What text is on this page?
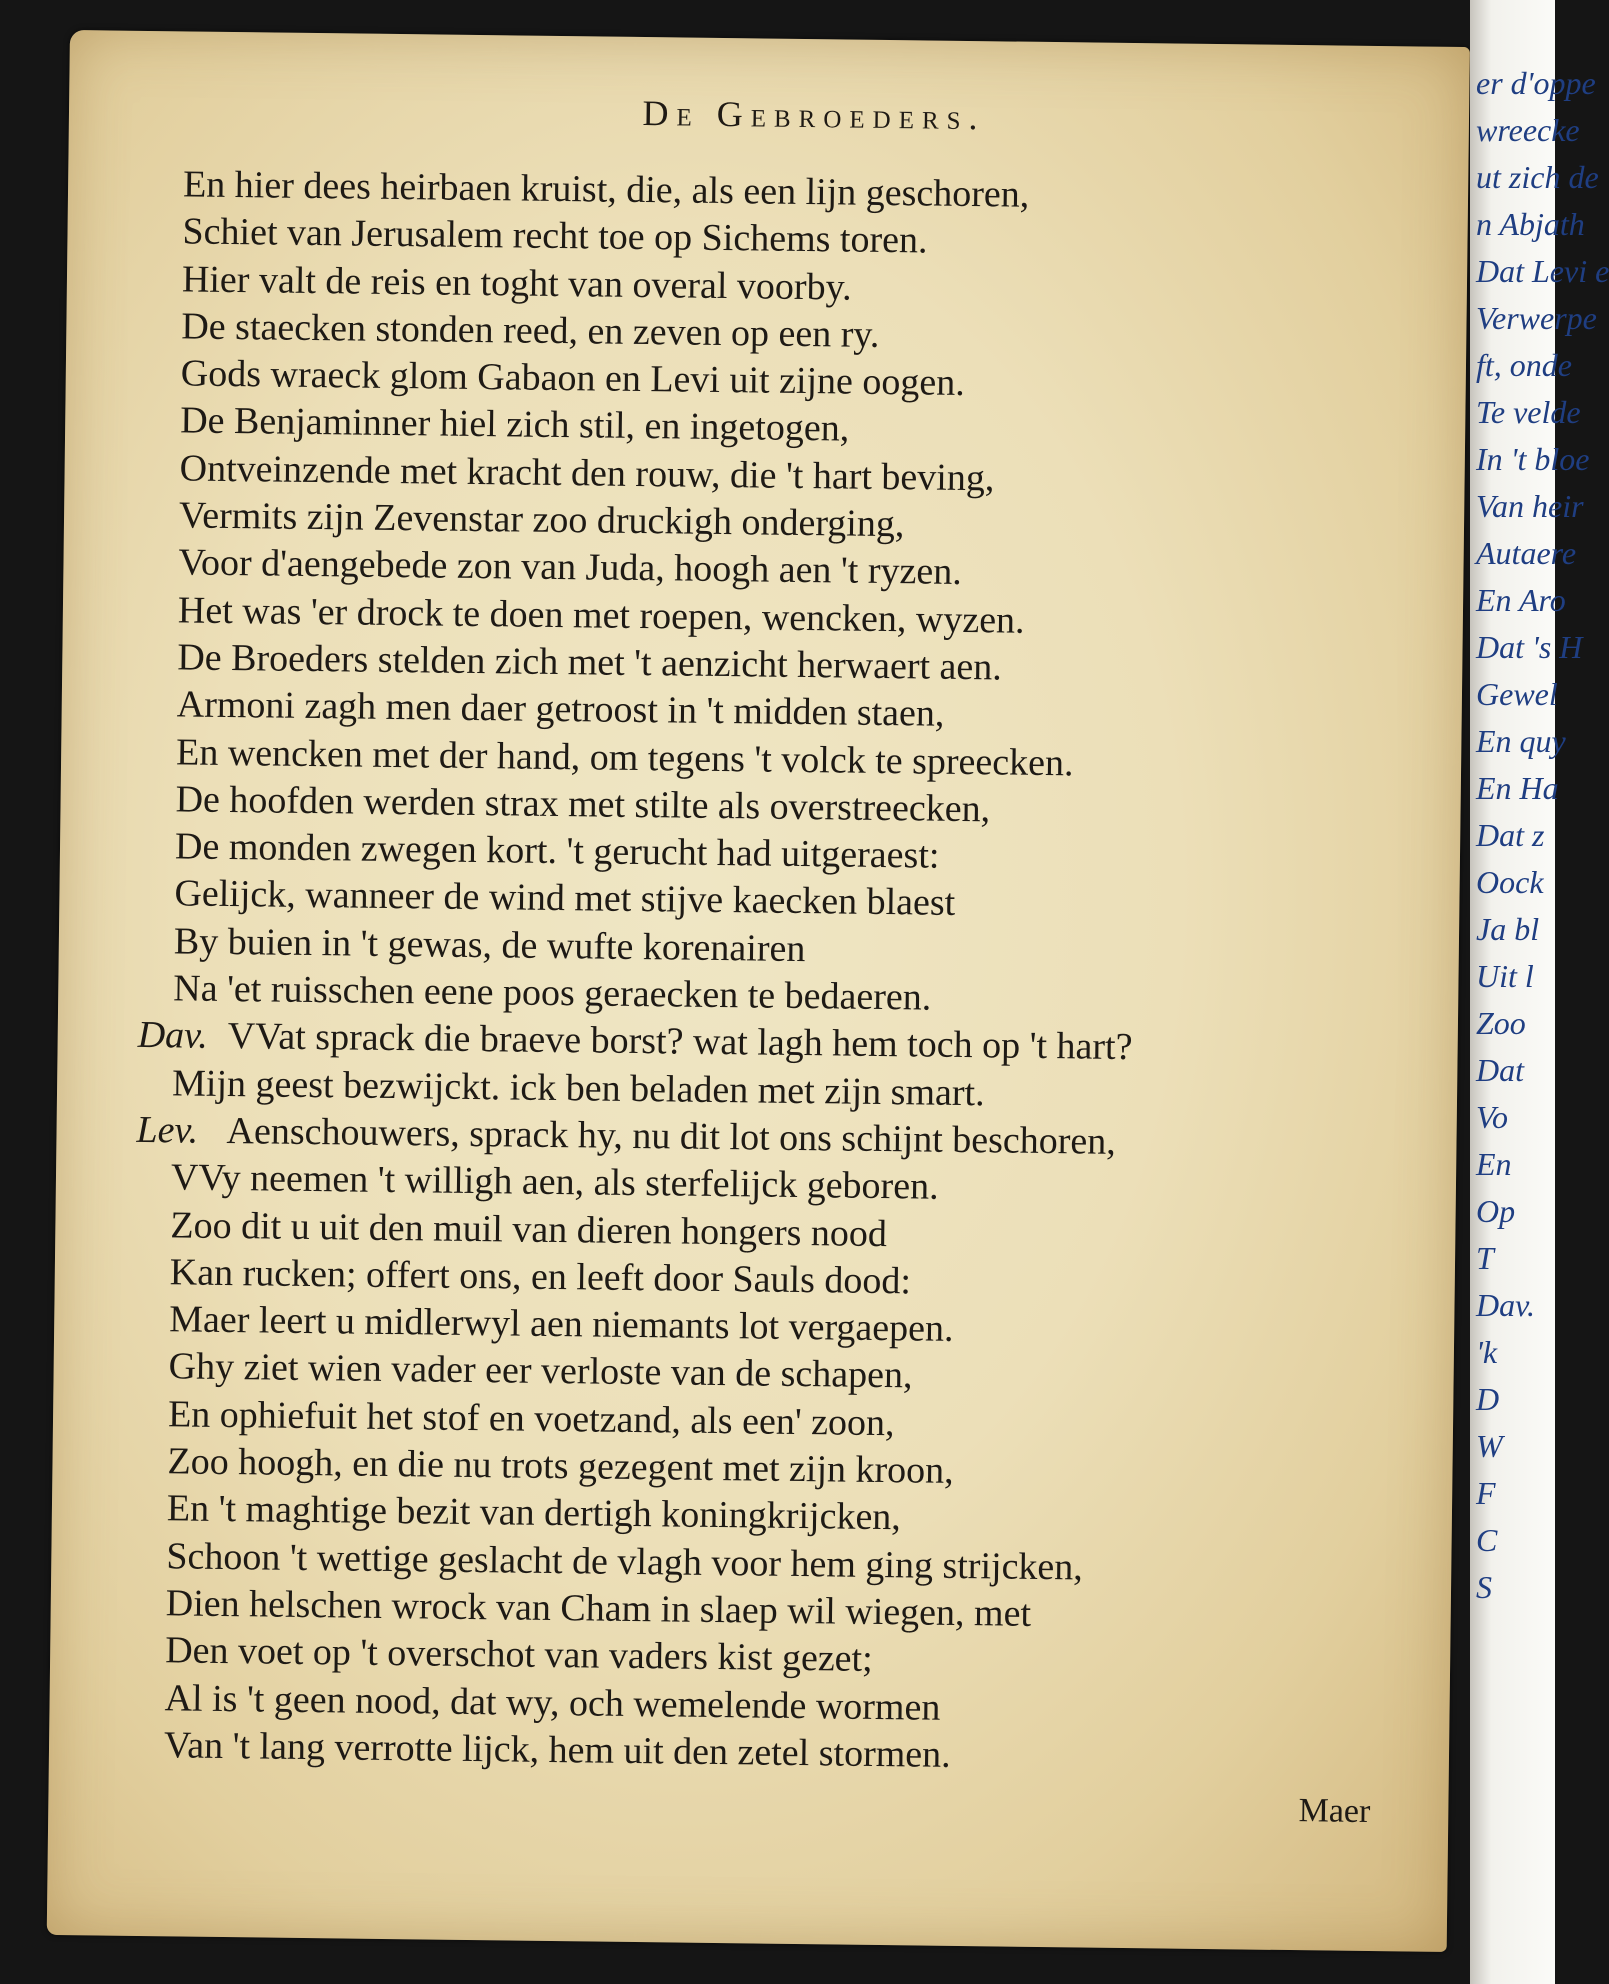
De Gebroeders.
En hier dees heirbaen kruist, die, als een lijn geschoren,
Schiet van Jerusalem recht toe op Sichems toren.
Hier valt de reis en toght van overal voorby.
De staecken stonden reed, en zeven op een ry.
Gods wraeck glom Gabaon en Levi uit zijne oogen.
De Benjaminner hiel zich stil, en ingetogen,
Ontveinzende met kracht den rouw, die 't hart beving,
Vermits zijn Zevenstar zoo druckigh onderging,
Voor d'aengebede zon van Juda, hoogh aen 't ryzen.
Het was 'er drock te doen met roepen, wencken, wyzen.
De Broeders stelden zich met 't aenzicht herwaert aen.
Armoni zagh men daer getroost in 't midden staen,
En wencken met der hand, om tegens 't volck te spreecken.
De hoofden werden strax met stilte als overstreecken,
De monden zwegen kort. 't gerucht had uitgeraest:
Gelijck, wanneer de wind met stijve kaecken blaest
By buien in 't gewas, de wufte korenairen
Na 'et ruisschen eene poos geraecken te bedaeren.
Dav. VVat sprack die braeve borst? wat lagh hem toch op 't hart?
Mijn geest bezwijckt. ick ben beladen met zijn smart.
Lev. Aenschouwers, sprack hy, nu dit lot ons schijnt beschoren,
VVy neemen 't willigh aen, als sterfelijck geboren.
Zoo dit u uit den muil van dieren hongers nood
Kan rucken; offert ons, en leeft door Sauls dood:
Maer leert u midlerwyl aen niemants lot vergaepen.
Ghy ziet wien vader eer verloste van de schapen,
En ophiefuit het stof en voetzand, als een' zoon,
Zoo hoogh, en die nu trots gezegent met zijn kroon,
En 't maghtige bezit van dertigh koningkrijcken,
Schoon 't wettige geslacht de vlagh voor hem ging strijcken,
Dien helschen wrock van Cham in slaep wil wiegen, met
Den voet op 't overschot van vaders kist gezet;
Al is 't geen nood, dat wy, och wemelende wormen
Van 't lang verrotte lijck, hem uit den zetel stormen.
Maer
er d'oppe
wreecke
ut zich de
n Abjath
Dat Levi e
Verwerpe
ft, onde
Te velde
In 't bloe
Van heir
Autaere
En Aro
Dat 's H
Gewel
En quy
En Ha
Dat z
Oock
Ja bl
Uit l
Zoo
Dat
Vo
En
Op
T
Dav.
'k
D
W
F
C
S
